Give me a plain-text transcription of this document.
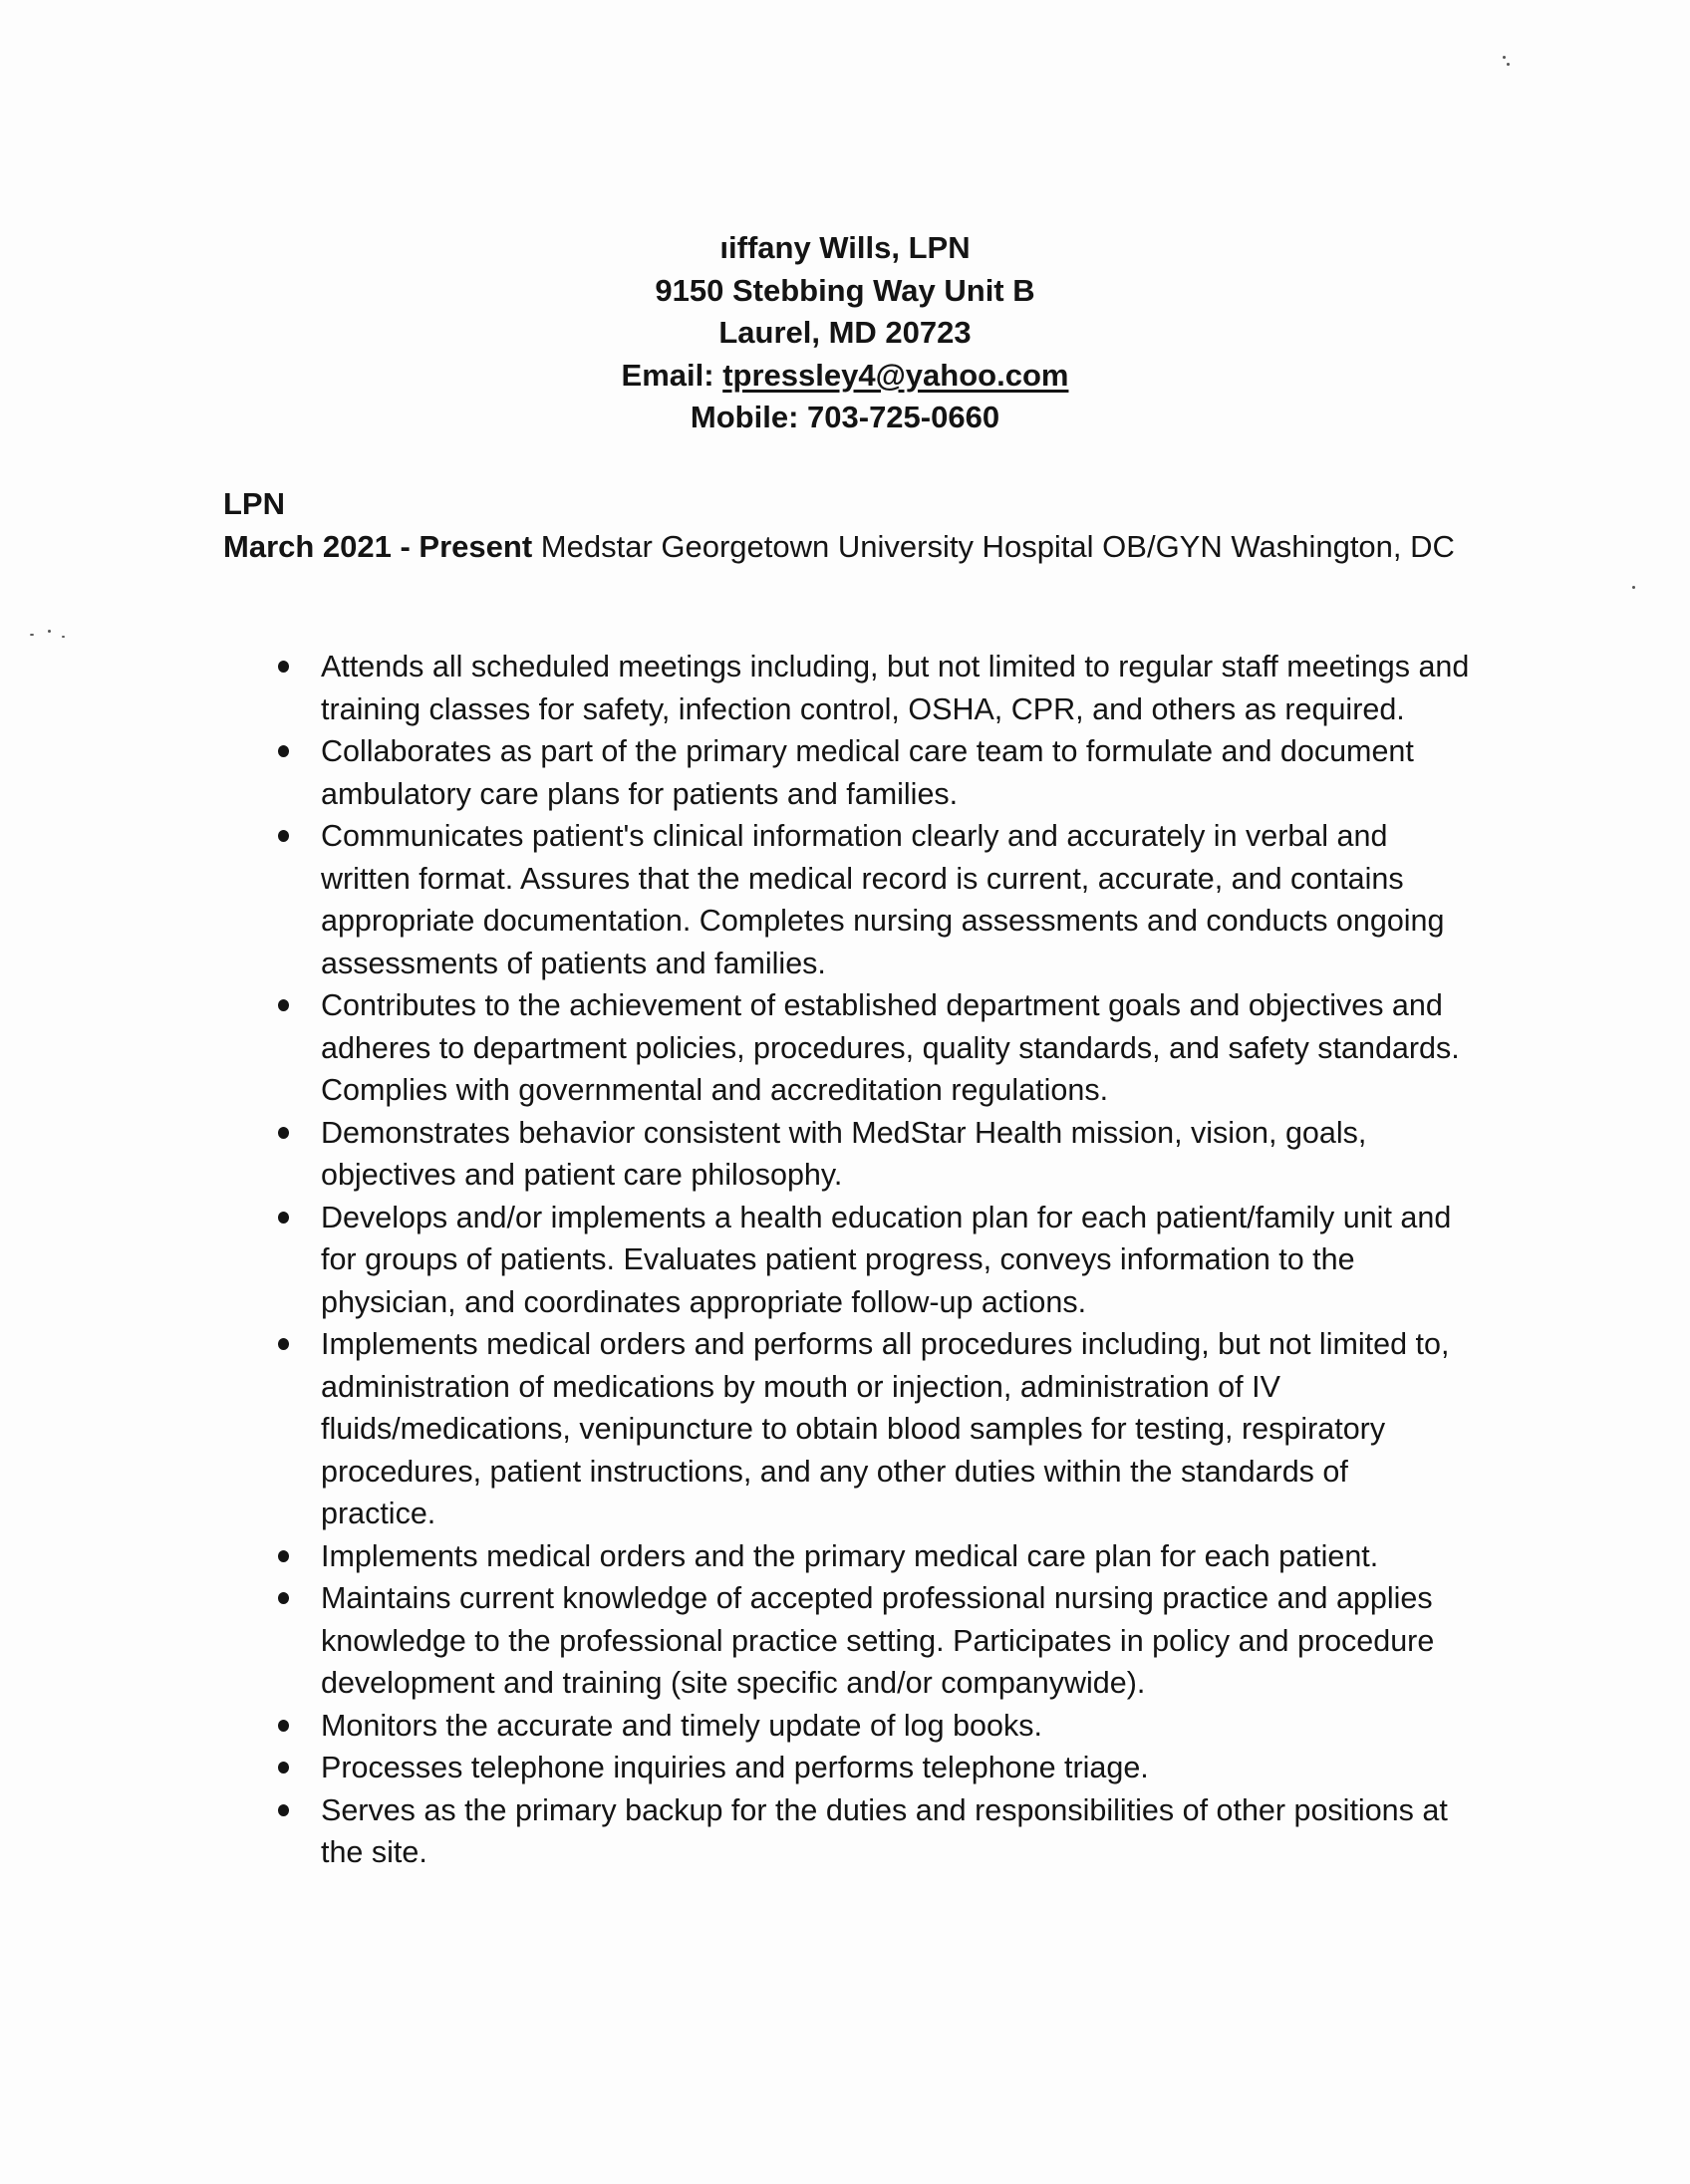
ıiffany Wills, LPN
9150 Stebbing Way Unit B
Laurel, MD 20723
Email: tpressley4@yahoo.com
Mobile: 703-725-0660
LPN

March 2021 - Present Medstar Georgetown University Hospital OB/GYN Washington, DC

Attends all scheduled meetings including, but not limited to regular staff meetings and training classes for safety, infection control, OSHA, CPR, and others as required.
Collaborates as part of the primary medical care team to formulate and document ambulatory care plans for patients and families.
Communicates patient's clinical information clearly and accurately in verbal and written format. Assures that the medical record is current, accurate, and contains appropriate documentation. Completes nursing assessments and conducts ongoing assessments of patients and families.
Contributes to the achievement of established department goals and objectives and adheres to department policies, procedures, quality standards, and safety standards. Complies with governmental and accreditation regulations.
Demonstrates behavior consistent with MedStar Health mission, vision, goals, objectives and patient care philosophy.
Develops and/or implements a health education plan for each patient/family unit and for groups of patients. Evaluates patient progress, conveys information to the physician, and coordinates appropriate follow-up actions.
Implements medical orders and performs all procedures including, but not limited to, administration of medications by mouth or injection, administration of IV fluids/medications, venipuncture to obtain blood samples for testing, respiratory procedures, patient instructions, and any other duties within the standards of practice.
Implements medical orders and the primary medical care plan for each patient.
Maintains current knowledge of accepted professional nursing practice and applies knowledge to the professional practice setting. Participates in policy and procedure development and training (site specific and/or companywide).
Monitors the accurate and timely update of log books.
Processes telephone inquiries and performs telephone triage.
Serves as the primary backup for the duties and responsibilities of other positions at the site.
